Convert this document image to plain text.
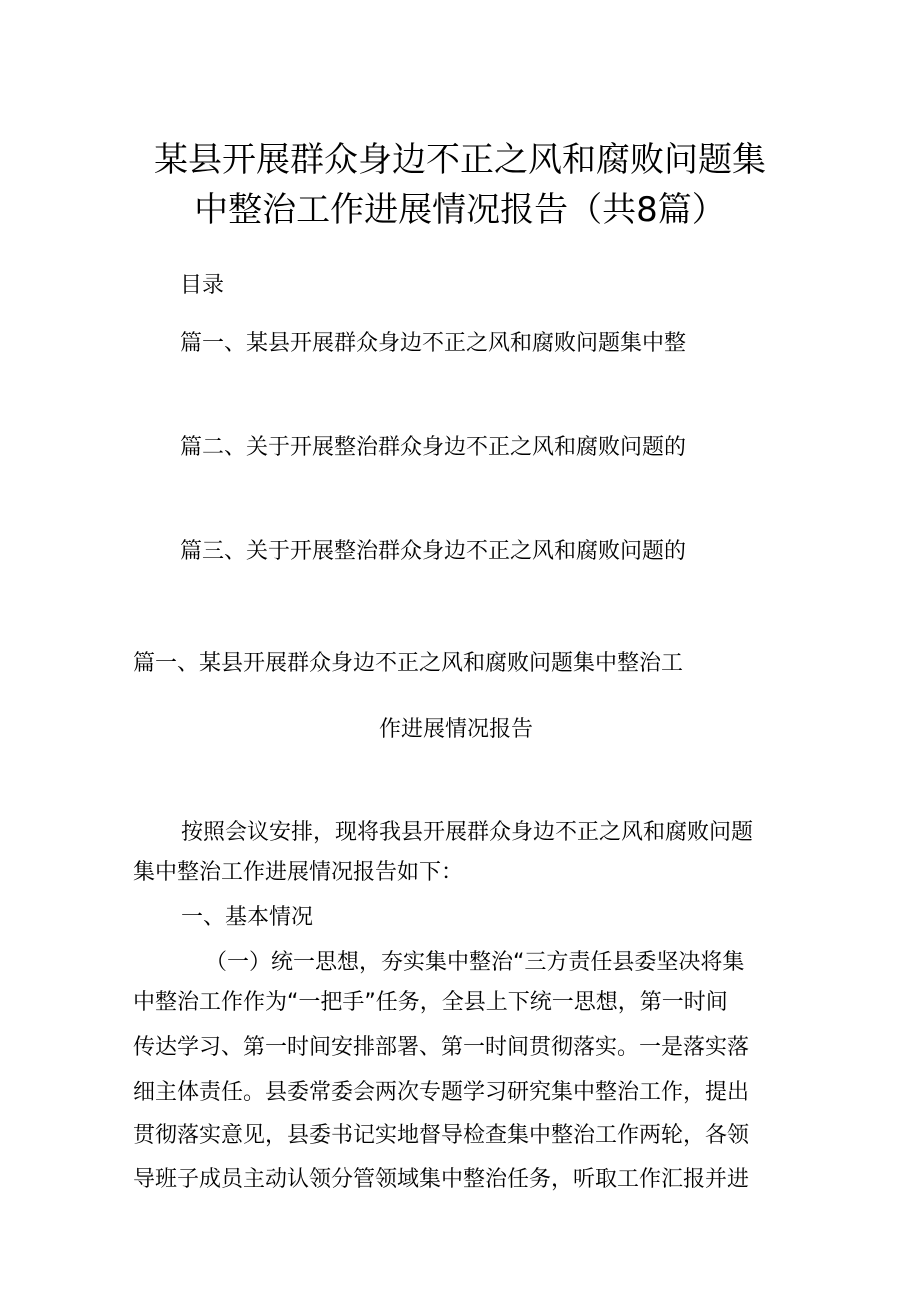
某县开展群众身边不正之风和腐败问题集
中整治工作进展情况报告（共8篇）
目录
篇一、某县开展群众身边不正之风和腐败问题集中整
篇二、关于开展整治群众身边不正之风和腐败问题的
篇三、关于开展整治群众身边不正之风和腐败问题的
篇一、某县开展群众身边不正之风和腐败问题集中整治工
作进展情况报告
按照会议安排，现将我县开展群众身边不正之风和腐败问题
集中整治工作进展情况报告如下：
一、基本情况
（一）统一思想，夯实集中整治“三方责任县委坚决将集
中整治工作作为“一把手”任务，全县上下统一思想，第一时间
传达学习、第一时间安排部署、第一时间贯彻落实。一是落实落
细主体责任。县委常委会两次专题学习研究集中整治工作，提出
贯彻落实意见，县委书记实地督导检查集中整治工作两轮，各领
导班子成员主动认领分管领域集中整治任务，听取工作汇报并进
